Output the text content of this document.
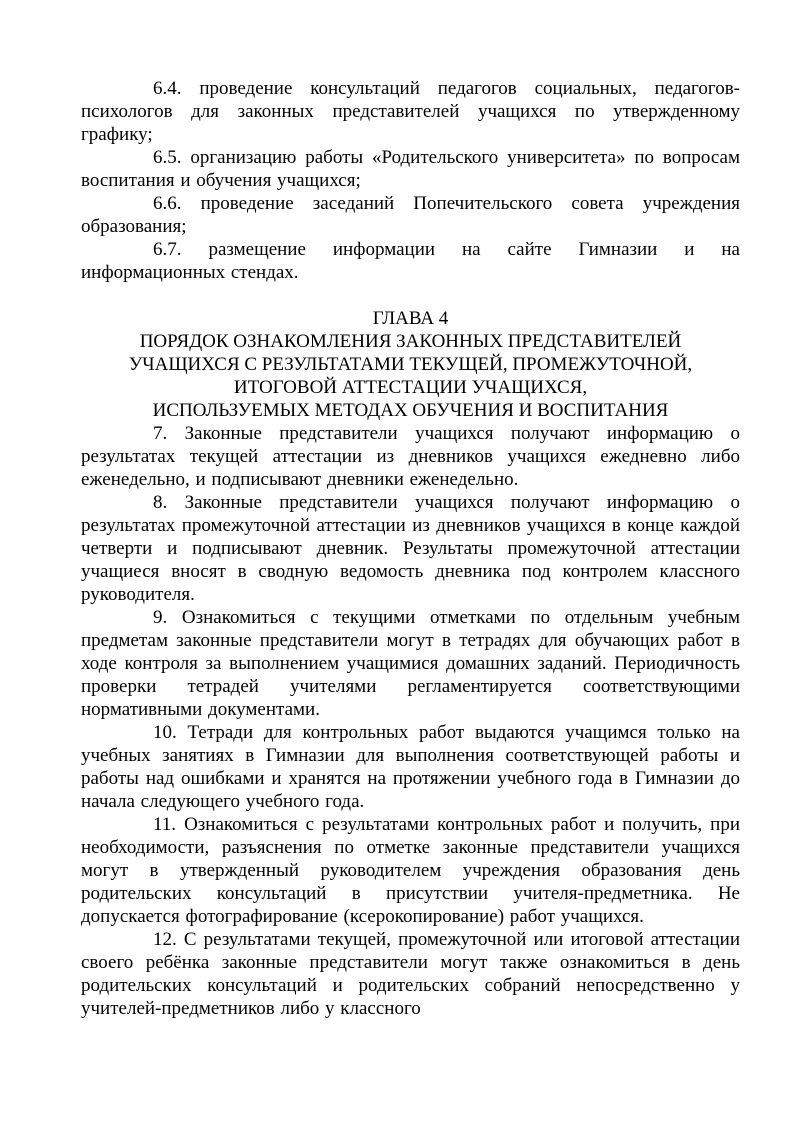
6.4. проведение консультаций педагогов социальных, педагогов-психологов для законных представителей учащихся по утвержденному графику;

6.5. организацию работы «Родительского университета» по вопросам воспитания и обучения учащихся;

6.6. проведение заседаний Попечительского совета учреждения образования;

6.7. размещение информации на сайте Гимназии и на информационных стендах.

ГЛАВА 4

ПОРЯДОК ОЗНАКОМЛЕНИЯ ЗАКОННЫХ ПРЕДСТАВИТЕЛЕЙ

УЧАЩИХСЯ С РЕЗУЛЬТАТАМИ ТЕКУЩЕЙ, ПРОМЕЖУТОЧНОЙ,

ИТОГОВОЙ АТТЕСТАЦИИ УЧАЩИХСЯ,

ИСПОЛЬЗУЕМЫХ МЕТОДАХ ОБУЧЕНИЯ И ВОСПИТАНИЯ

7. Законные представители учащихся получают информацию о результатах текущей аттестации из дневников учащихся ежедневно либо еженедельно, и подписывают дневники еженедельно.

8. Законные представители учащихся получают информацию о результатах промежуточной аттестации из дневников учащихся в конце каждой четверти и подписывают дневник. Результаты промежуточной аттестации учащиеся вносят в сводную ведомость дневника под контролем классного руководителя.

9. Ознакомиться с текущими отметками по отдельным учебным предметам законные представители могут в тетрадях для обучающих работ в ходе контроля за выполнением учащимися домашних заданий. Периодичность проверки тетрадей учителями регламентируется соответствующими нормативными документами.

10. Тетради для контрольных работ выдаются учащимся только на учебных занятиях в Гимназии для выполнения соответствующей работы и работы над ошибками и хранятся на протяжении учебного года в Гимназии до начала следующего учебного года.

11. Ознакомиться с результатами контрольных работ и получить, при необходимости, разъяснения по отметке законные представители учащихся могут в утвержденный руководителем учреждения образования день родительских консультаций в присутствии учителя-предметника. Не допускается фотографирование (ксерокопирование) работ учащихся.

12. С результатами текущей, промежуточной или итоговой аттестации своего ребёнка законные представители могут также ознакомиться в день родительских консультаций и родительских собраний непосредственно у учителей-предметников либо у классного
